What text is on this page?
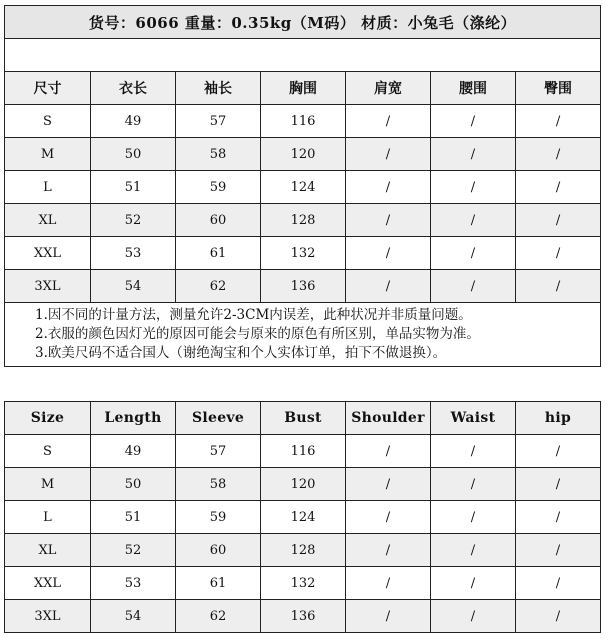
货号：6066 重量：0.35kg（M码） 材质：小兔毛（涤纶）						

尺寸	衣长	袖长	胸围	肩宽	腰围	臀围
S	49	57	116	/	/	/
M	50	58	120	/	/	/
L	51	59	124	/	/	/
XL	52	60	128	/	/	/
XXL	53	61	132	/	/	/
3XL	54	62	136	/	/	/

1.因不同的计量方法，测量允许2-3CM内误差，此种状况并非质量问题。
2.衣服的颜色因灯光的原因可能会与原来的原色有所区别，单品实物为准。
3.欧美尺码不适合国人（谢绝淘宝和个人实体订单，拍下不做退换）。						
Size	Length	Sleeve	Bust	Shoulder	Waist	hip
S	49	57	116	/	/	/
M	50	58	120	/	/	/
L	51	59	124	/	/	/
XL	52	60	128	/	/	/
XXL	53	61	132	/	/	/
3XL	54	62	136	/	/	/
